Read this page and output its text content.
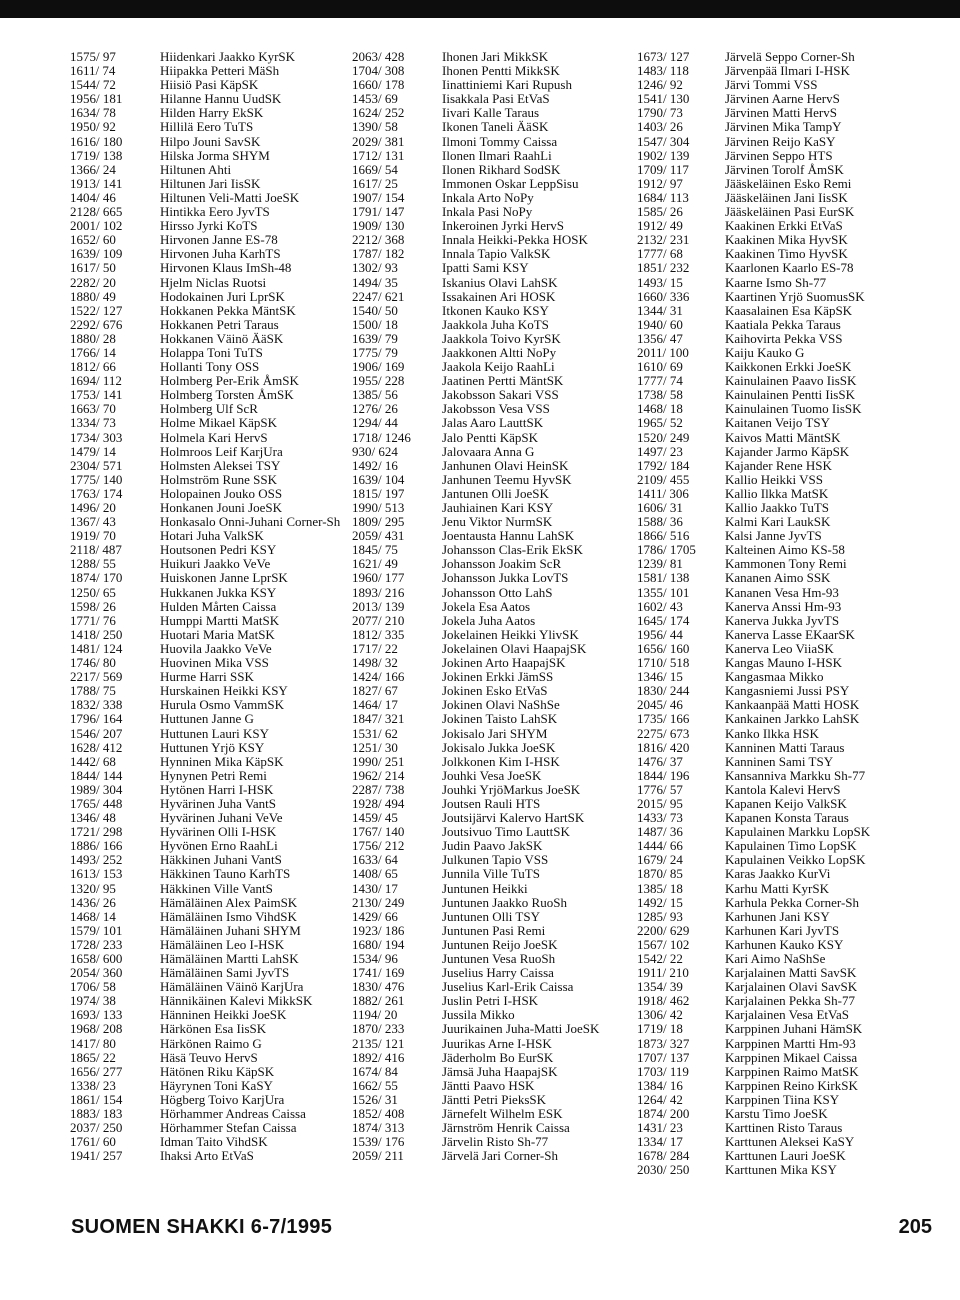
1575/ 97	Hiidenkari Jaakko KyrSK
1611/ 74	Hiipakka Petteri MäSh
1544/ 72	Hiisiö Pasi KäpSK
1956/ 181	Hilanne Hannu UudSK
1634/ 78	Hilden Harry EkSK
1950/ 92	Hillilä Eero TuTS
1616/ 180	Hilpo Jouni SavSK
1719/ 138	Hilska Jorma SHYM
1366/ 24	Hiltunen Ahti
1913/ 141	Hiltunen Jari IisSK
1404/ 46	Hiltunen Veli-Matti JoeSK
2128/ 665	Hintikka Eero JyvTS
2001/ 102	Hirsso Jyrki KoTS
1652/ 60	Hirvonen Janne ES-78
1639/ 109	Hirvonen Juha KarhTS
1617/ 50	Hirvonen Klaus ImSh-48
2282/ 20	Hjelm Niclas Ruotsi
1880/ 49	Hodokainen Juri LprSK
1522/ 127	Hokkanen Pekka MäntSK
2292/ 676	Hokkanen Petri Taraus
1880/ 28	Hokkanen Väinö ÄäSK
1766/ 14	Holappa Toni TuTS
1812/ 66	Hollanti Tony OSS
1694/ 112	Holmberg Per-Erik ÅmSK
1753/ 141	Holmberg Torsten ÅmSK
1663/ 70	Holmberg Ulf ScR
1334/ 73	Holme Mikael KäpSK
1734/ 303	Holmela Kari HervS
1479/ 14	Holmroos Leif KarjUra
2304/ 571	Holmsten Aleksei TSY
1775/ 140	Holmström Rune SSK
1763/ 174	Holopainen Jouko OSS
1496/ 20	Honkanen Jouni JoeSK
1367/ 43	Honkasalo Onni-Juhani Corner-Sh
1919/ 70	Hotari Juha ValkSK
2118/ 487	Houtsonen Pedri KSY
1288/ 55	Huikuri Jaakko VeVe
1874/ 170	Huiskonen Janne LprSK
1250/ 65	Hukkanen Jukka KSY
1598/ 26	Hulden Mårten Caissa
1771/ 76	Humppi Martti MatSK
1418/ 250	Huotari Maria MatSK
1481/ 124	Huovila Jaakko VeVe
1746/ 80	Huovinen Mika VSS
2217/ 569	Hurme Harri SSK
1788/ 75	Hurskainen Heikki KSY
1832/ 338	Hurula Osmo VammSK
1796/ 164	Huttunen Janne G
1546/ 207	Huttunen Lauri KSY
1628/ 412	Huttunen Yrjö KSY
1442/ 68	Hynninen Mika KäpSK
1844/ 144	Hynynen Petri Remi
1989/ 304	Hytönen Harri I-HSK
1765/ 448	Hyvärinen Juha VantS
1346/ 48	Hyvärinen Juhani VeVe
1721/ 298	Hyvärinen Olli I-HSK
1886/ 166	Hyvönen Erno RaahLi
1493/ 252	Häkkinen Juhani VantS
1613/ 153	Häkkinen Tauno KarhTS
1320/ 95	Häkkinen Ville VantS
1436/ 26	Hämäläinen Alex PaimSK
1468/ 14	Hämäläinen Ismo VihdSK
1579/ 101	Hämäläinen Juhani SHYM
1728/ 233	Hämäläinen Leo I-HSK
1658/ 600	Hämäläinen Martti LahSK
2054/ 360	Hämäläinen Sami JyvTS
1706/ 58	Hämäläinen Väinö KarjUra
1974/ 38	Hännikäinen Kalevi MikkSK
1693/ 133	Hänninen Heikki JoeSK
1968/ 208	Härkönen Esa IisSK
1417/ 80	Härkönen Raimo G
1865/ 22	Häsä Teuvo HervS
1656/ 277	Hätönen Riku KäpSK
1338/ 23	Häyrynen Toni KaSY
1861/ 154	Högberg Toivo KarjUra
1883/ 183	Hörhammer Andreas Caissa
2037/ 250	Hörhammer Stefan Caissa
1761/ 60	Idman Taito VihdSK
1941/ 257	Ihaksi Arto EtVaS
2063/ 428	Ihonen Jari MikkSK
1704/ 308	Ihonen Pentti MikkSK
1660/ 178	Iinattiniemi Kari Rupush
1453/ 69	Iisakkala Pasi EtVaS
1624/ 252	Iivari Kalle Taraus
1390/ 58	Ikonen Taneli ÄäSK
2029/ 381	Ilmoni Tommy Caissa
1712/ 131	Ilonen Ilmari RaahLi
1669/ 54	Ilonen Rikhard SodSK
1617/ 25	Immonen Oskar LeppSisu
1907/ 154	Inkala Arto NoPy
1791/ 147	Inkala Pasi NoPy
1909/ 130	Inkeroinen Jyrki HervS
2212/ 368	Innala Heikki-Pekka HOSK
1787/ 182	Innala Tapio ValkSK
1302/ 93	Ipatti Sami KSY
1494/ 35	Iskanius Olavi LahSK
2247/ 621	Issakainen Ari HOSK
1540/ 50	Itkonen Kauko KSY
1500/ 18	Jaakkola Juha KoTS
1639/ 79	Jaakkola Toivo KyrSK
1775/ 79	Jaakkonen Altti NoPy
1906/ 169	Jaakola Keijo RaahLi
1955/ 228	Jaatinen Pertti MäntSK
1385/ 56	Jakobsson Sakari VSS
1276/ 26	Jakobsson Vesa VSS
1294/ 44	Jalas Aaro LauttSK
1718/ 1246	Jalo Pentti KäpSK
930/ 624	Jalovaara Anna G
1492/ 16	Janhunen Olavi HeinSK
1639/ 104	Janhunen Teemu HyvSK
1815/ 197	Jantunen Olli JoeSK
1990/ 513	Jauhiainen Kari KSY
1809/ 295	Jenu Viktor NurmSK
2059/ 431	Joentausta Hannu LahSK
1845/ 75	Johansson Clas-Erik EkSK
1621/ 49	Johansson Joakim ScR
1960/ 177	Johansson Jukka LovTS
1893/ 216	Johansson Otto LahS
2013/ 139	Jokela Esa Aatos
2077/ 210	Jokela Juha Aatos
1812/ 335	Jokelainen Heikki YlivSK
1717/ 22	Jokelainen Olavi HaapajSK
1498/ 32	Jokinen Arto HaapajSK
1424/ 166	Jokinen Erkki JämSS
1827/ 67	Jokinen Esko EtVaS
1464/ 17	Jokinen Olavi NaShSe
1847/ 321	Jokinen Taisto LahSK
1531/ 62	Jokisalo Jari SHYM
1251/ 30	Jokisalo Jukka JoeSK
1990/ 251	Jolkkonen Kim I-HSK
1962/ 214	Jouhki Vesa JoeSK
2287/ 738	Jouhki YrjöMarkus JoeSK
1928/ 494	Joutsen Rauli HTS
1459/ 45	Joutsijärvi Kalervo HartSK
1767/ 140	Joutsivuo Timo LauttSK
1756/ 212	Judin Paavo JakSK
1633/ 64	Julkunen Tapio VSS
1408/ 65	Junnila Ville TuTS
1430/ 17	Juntunen Heikki
2130/ 249	Juntunen Jaakko RuoSh
1429/ 66	Juntunen Olli TSY
1923/ 186	Juntunen Pasi Remi
1680/ 194	Juntunen Reijo JoeSK
1534/ 96	Juntunen Vesa RuoSh
1741/ 169	Juselius Harry Caissa
1830/ 476	Juselius Karl-Erik Caissa
1882/ 261	Juslin Petri I-HSK
1194/ 20	Jussila Mikko
1870/ 233	Juurikainen Juha-Matti JoeSK
2135/ 121	Juurikas Arne I-HSK
1892/ 416	Jäderholm Bo EurSK
1674/ 84	Jämsä Juha HaapajSK
1662/ 55	Jäntti Paavo HSK
1526/ 31	Jäntti Petri PieksSK
1852/ 408	Järnefelt Wilhelm ESK
1874/ 313	Järnström Henrik Caissa
1539/ 176	Järvelin Risto Sh-77
2059/ 211	Järvelä Jari Corner-Sh
1673/ 127	Järvelä Seppo Corner-Sh
1483/ 118	Järvenpää Ilmari I-HSK
1246/ 92	Järvi Tommi VSS
1541/ 130	Järvinen Aarne HervS
1790/ 73	Järvinen Matti HervS
1403/ 26	Järvinen Mika TampY
1547/ 304	Järvinen Reijo KaSY
1902/ 139	Järvinen Seppo HTS
1709/ 117	Järvinen Torolf ÅmSK
1912/ 97	Jääskeläinen Esko Remi
1684/ 113	Jääskeläinen Jani IisSK
1585/ 26	Jääskeläinen Pasi EurSK
1912/ 49	Kaakinen Erkki EtVaS
2132/ 231	Kaakinen Mika HyvSK
1777/ 68	Kaakinen Timo HyvSK
1851/ 232	Kaarlonen Kaarlo ES-78
1493/ 15	Kaarne Ismo Sh-77
1660/ 336	Kaartinen Yrjö SuomusSK
1344/ 31	Kaasalainen Esa KäpSK
1940/ 60	Kaatiala Pekka Taraus
1356/ 47	Kaihovirta Pekka VSS
2011/ 100	Kaiju Kauko G
1610/ 69	Kaikkonen Erkki JoeSK
1777/ 74	Kainulainen Paavo IisSK
1738/ 58	Kainulainen Pentti IisSK
1468/ 18	Kainulainen Tuomo IisSK
1965/ 52	Kaitanen Veijo TSY
1520/ 249	Kaivos Matti MäntSK
1497/ 23	Kajander Jarmo KäpSK
1792/ 184	Kajander Rene HSK
2109/ 455	Kallio Heikki VSS
1411/ 306	Kallio Ilkka MatSK
1606/ 31	Kallio Jaakko TuTS
1588/ 36	Kalmi Kari LaukSK
1866/ 516	Kalsi Janne JyvTS
1786/ 1705	Kalteinen Aimo KS-58
1239/ 81	Kammonen Tony Remi
1581/ 138	Kananen Aimo SSK
1355/ 101	Kananen Vesa Hm-93
1602/ 43	Kanerva Anssi Hm-93
1645/ 174	Kanerva Jukka JyvTS
1956/ 44	Kanerva Lasse EKaarSK
1656/ 160	Kanerva Leo ViiaSK
1710/ 518	Kangas Mauno I-HSK
1346/ 15	Kangasmaa Mikko
1830/ 244	Kangasniemi Jussi PSY
2045/ 46	Kankaanpää Matti HOSK
1735/ 166	Kankainen Jarkko LahSK
2275/ 673	Kanko Ilkka HSK
1816/ 420	Kanninen Matti Taraus
1476/ 37	Kanninen Sami TSY
1844/ 196	Kansanniva Markku Sh-77
1776/ 57	Kantola Kalevi HervS
2015/ 95	Kapanen Keijo ValkSK
1433/ 73	Kapanen Konsta Taraus
1487/ 36	Kapulainen Markku LopSK
1444/ 66	Kapulainen Timo LopSK
1679/ 24	Kapulainen Veikko LopSK
1870/ 85	Karas Jaakko KurVi
1385/ 18	Karhu Matti KyrSK
1492/ 15	Karhula Pekka Corner-Sh
1285/ 93	Karhunen Jani KSY
2200/ 629	Karhunen Kari JyvTS
1567/ 102	Karhunen Kauko KSY
1542/ 22	Kari Aimo NaShSe
1911/ 210	Karjalainen Matti SavSK
1354/ 39	Karjalainen Olavi SavSK
1918/ 462	Karjalainen Pekka Sh-77
1306/ 42	Karjalainen Vesa EtVaS
1719/ 18	Karppinen Juhani HämSK
1873/ 327	Karppinen Martti Hm-93
1707/ 137	Karppinen Mikael Caissa
1703/ 119	Karppinen Raimo MatSK
1384/ 16	Karppinen Reino KirkSK
1264/ 42	Karppinen Tiina KSY
1874/ 200	Karstu Timo JoeSK
1431/ 23	Karttinen Risto Taraus
1334/ 17	Karttunen Aleksei KaSY
1678/ 284	Karttunen Lauri JoeSK
2030/ 250	Karttunen Mika KSY
SUOMEN SHAKKI 6-7/1995	205
